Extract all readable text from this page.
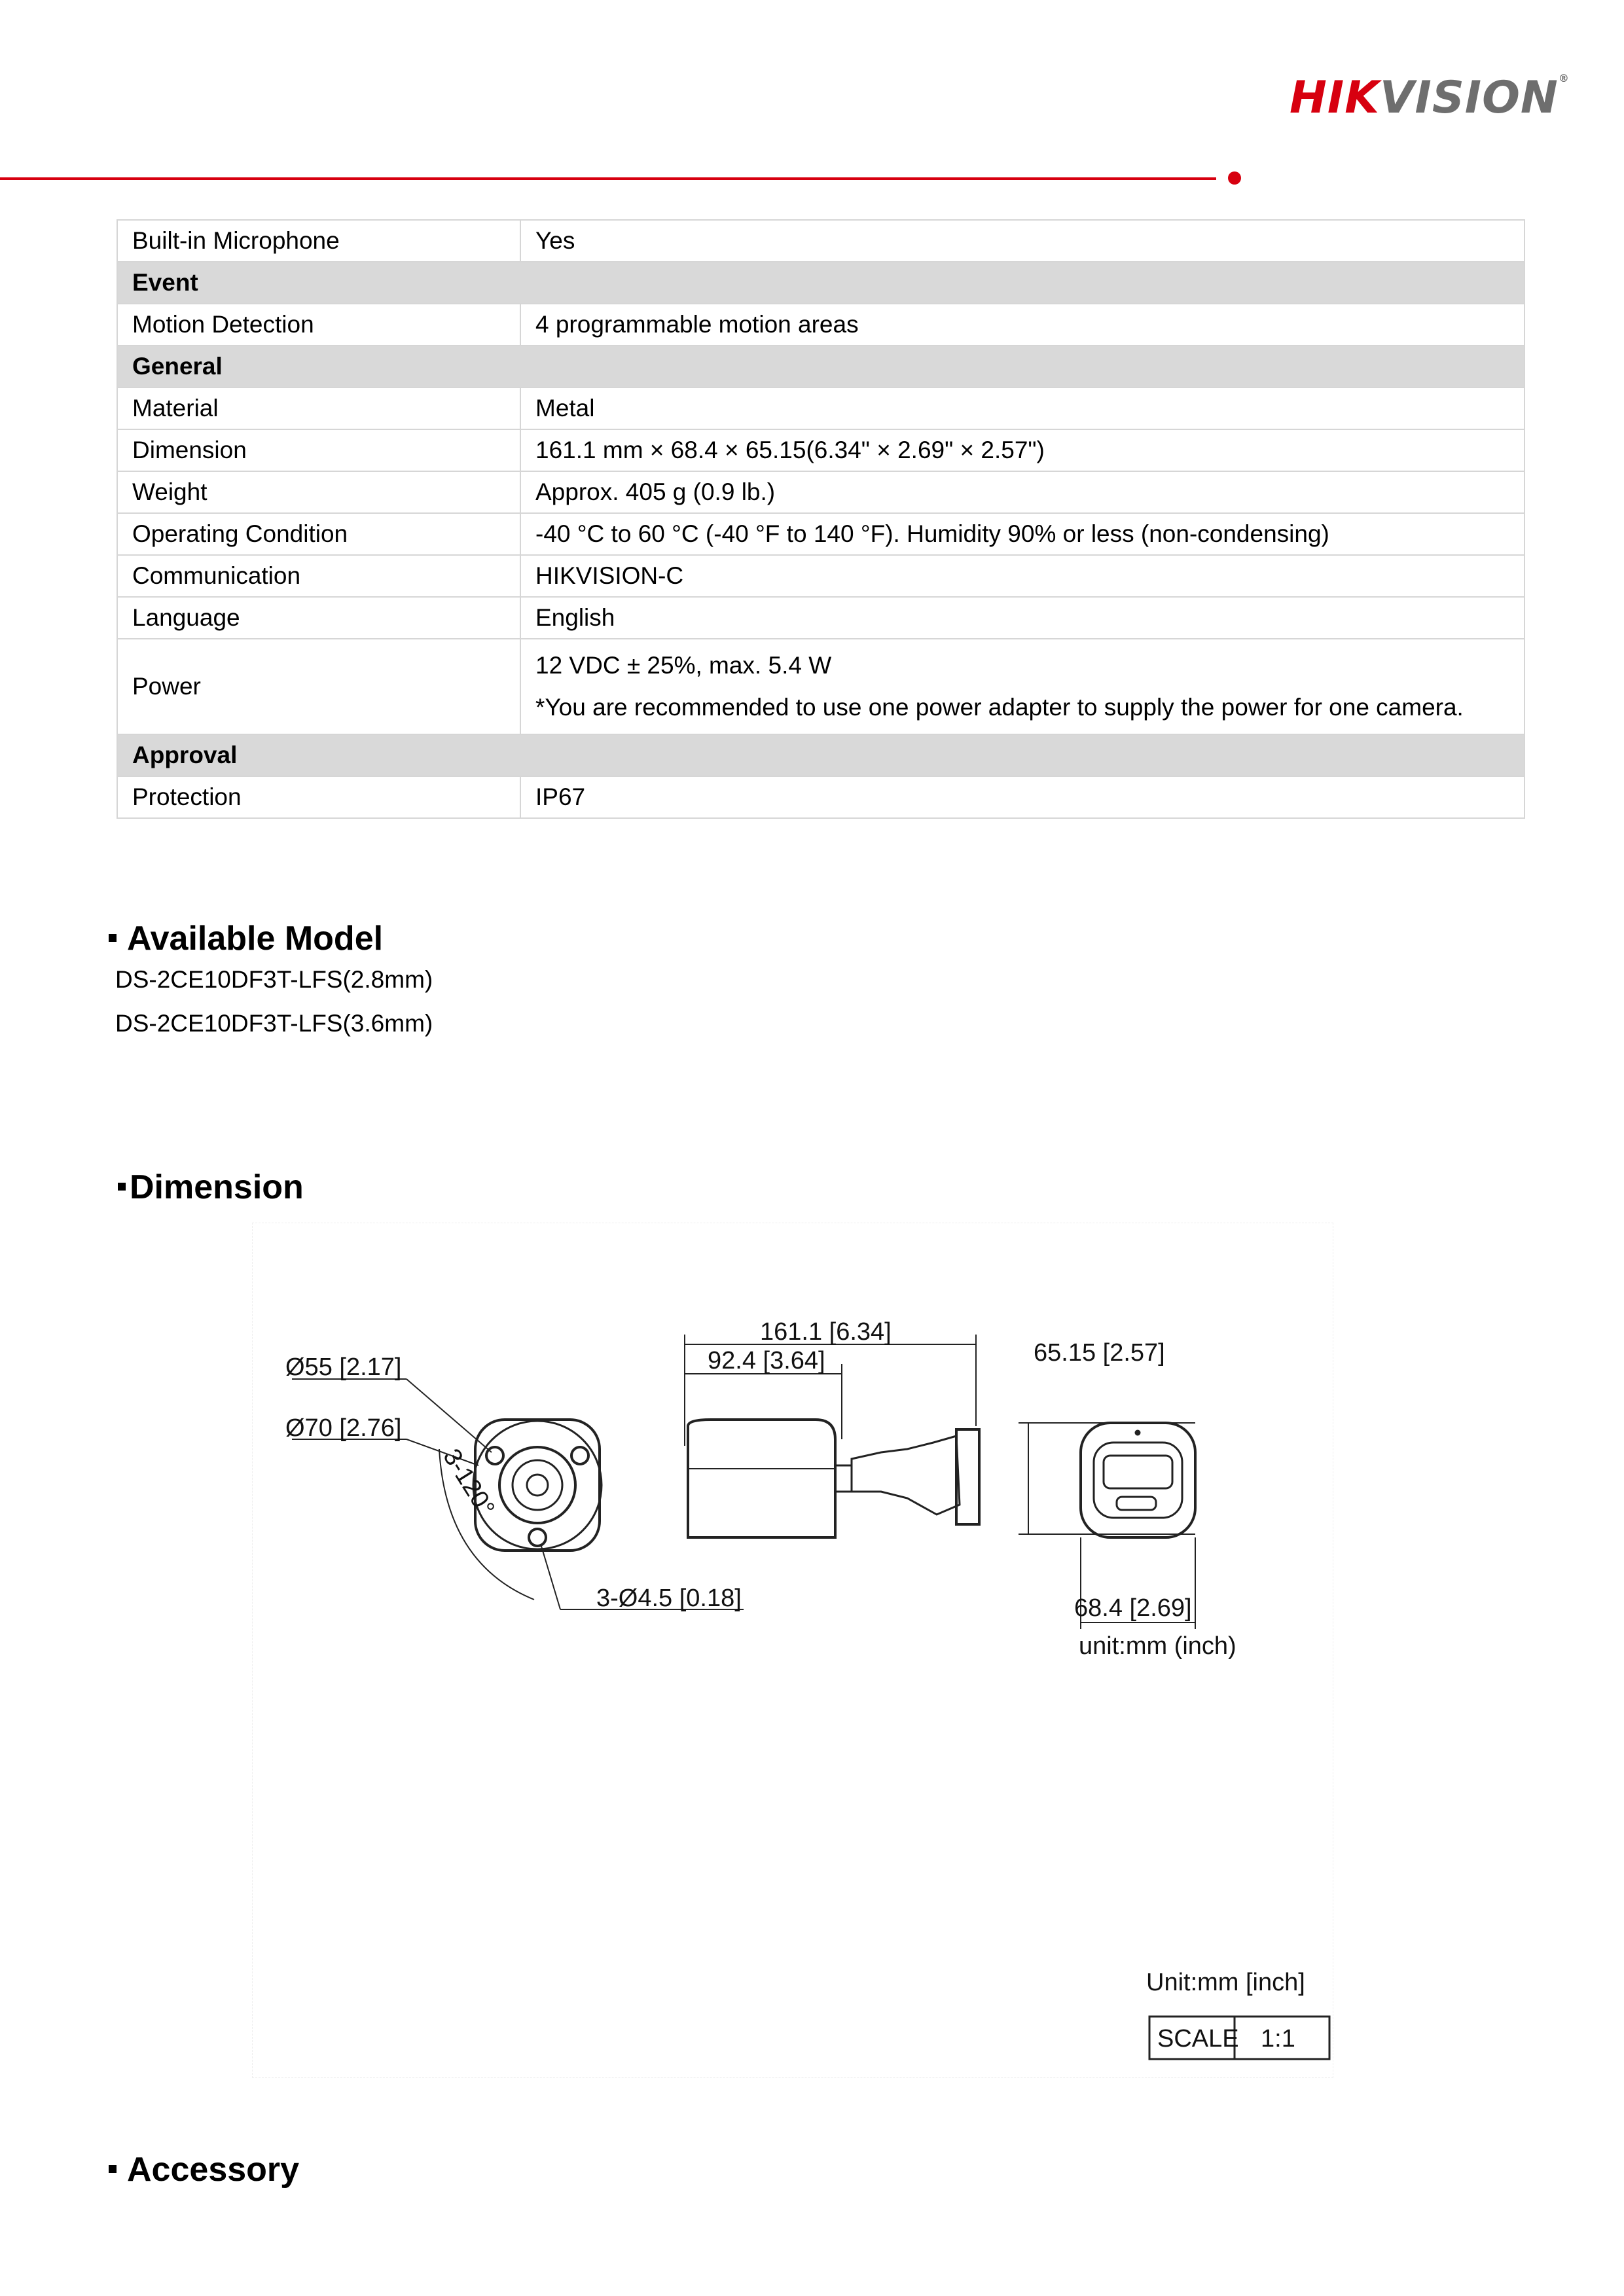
HIKVISION®
Built-in Microphone	Yes
Event	
Motion Detection	4 programmable motion areas
General	
Material	Metal
Dimension	161.1 mm × 68.4 × 65.15(6.34" × 2.69" × 2.57")
Weight	Approx. 405 g (0.9 lb.)
Operating Condition	-40 °C to 60 °C (-40 °F to 140 °F). Humidity 90% or less (non-condensing)
Communication	HIKVISION-C
Language	English
Power	12 VDC ± 25%, max. 5.4 W
*You are recommended to use one power adapter to supply the power for one camera.

Approval	
Protection	IP67
Available Model
DS-2CE10DF3T-LFS(2.8mm)
DS-2CE10DF3T-LFS(3.6mm)
Dimension
Ø55 [2.17]
Ø70 [2.76]
3-120°
3-Ø4.5 [0.18]
161.1 [6.34]
92.4 [3.64]	65.15 [2.57]
68.4 [2.69]
unit:mm (inch)
Unit:mm [inch]
SCALE 1:1
Accessory
